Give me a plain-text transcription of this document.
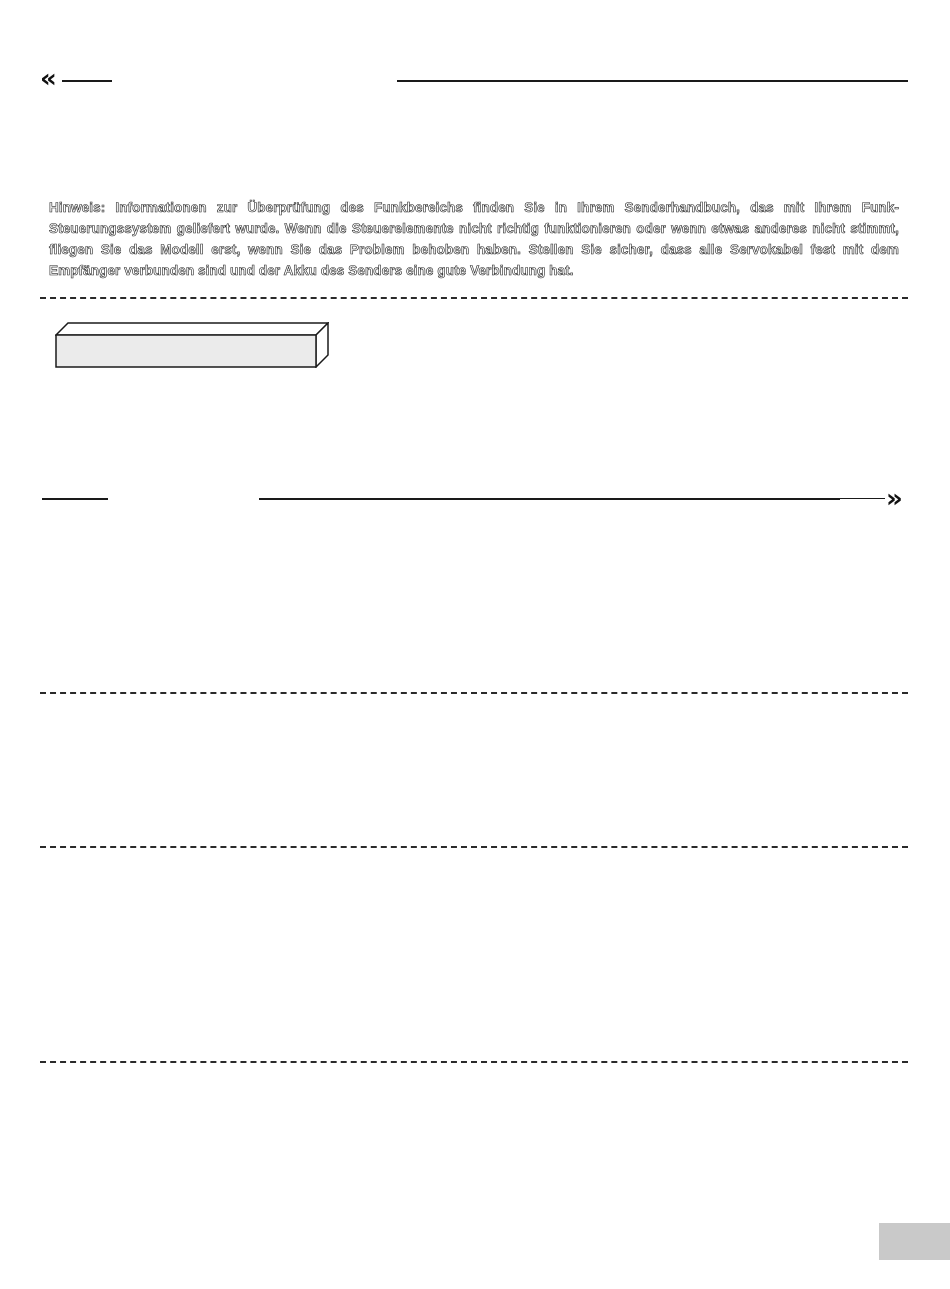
«
Hinweis: Informationen zur Überprüfung des Funkbereichs finden Sie in Ihrem Senderhandbuch, das mit Ihrem Funk-Steuerungssystem geliefert wurde. Wenn die Steuerelemente nicht richtig funktionieren oder wenn etwas anderes nicht stimmt, fliegen Sie das Modell erst, wenn Sie das Problem behoben haben. Stellen Sie sicher, dass alle Servokabel fest mit dem Empfänger verbunden sind und der Akku des Senders eine gute Verbindung hat.
»
